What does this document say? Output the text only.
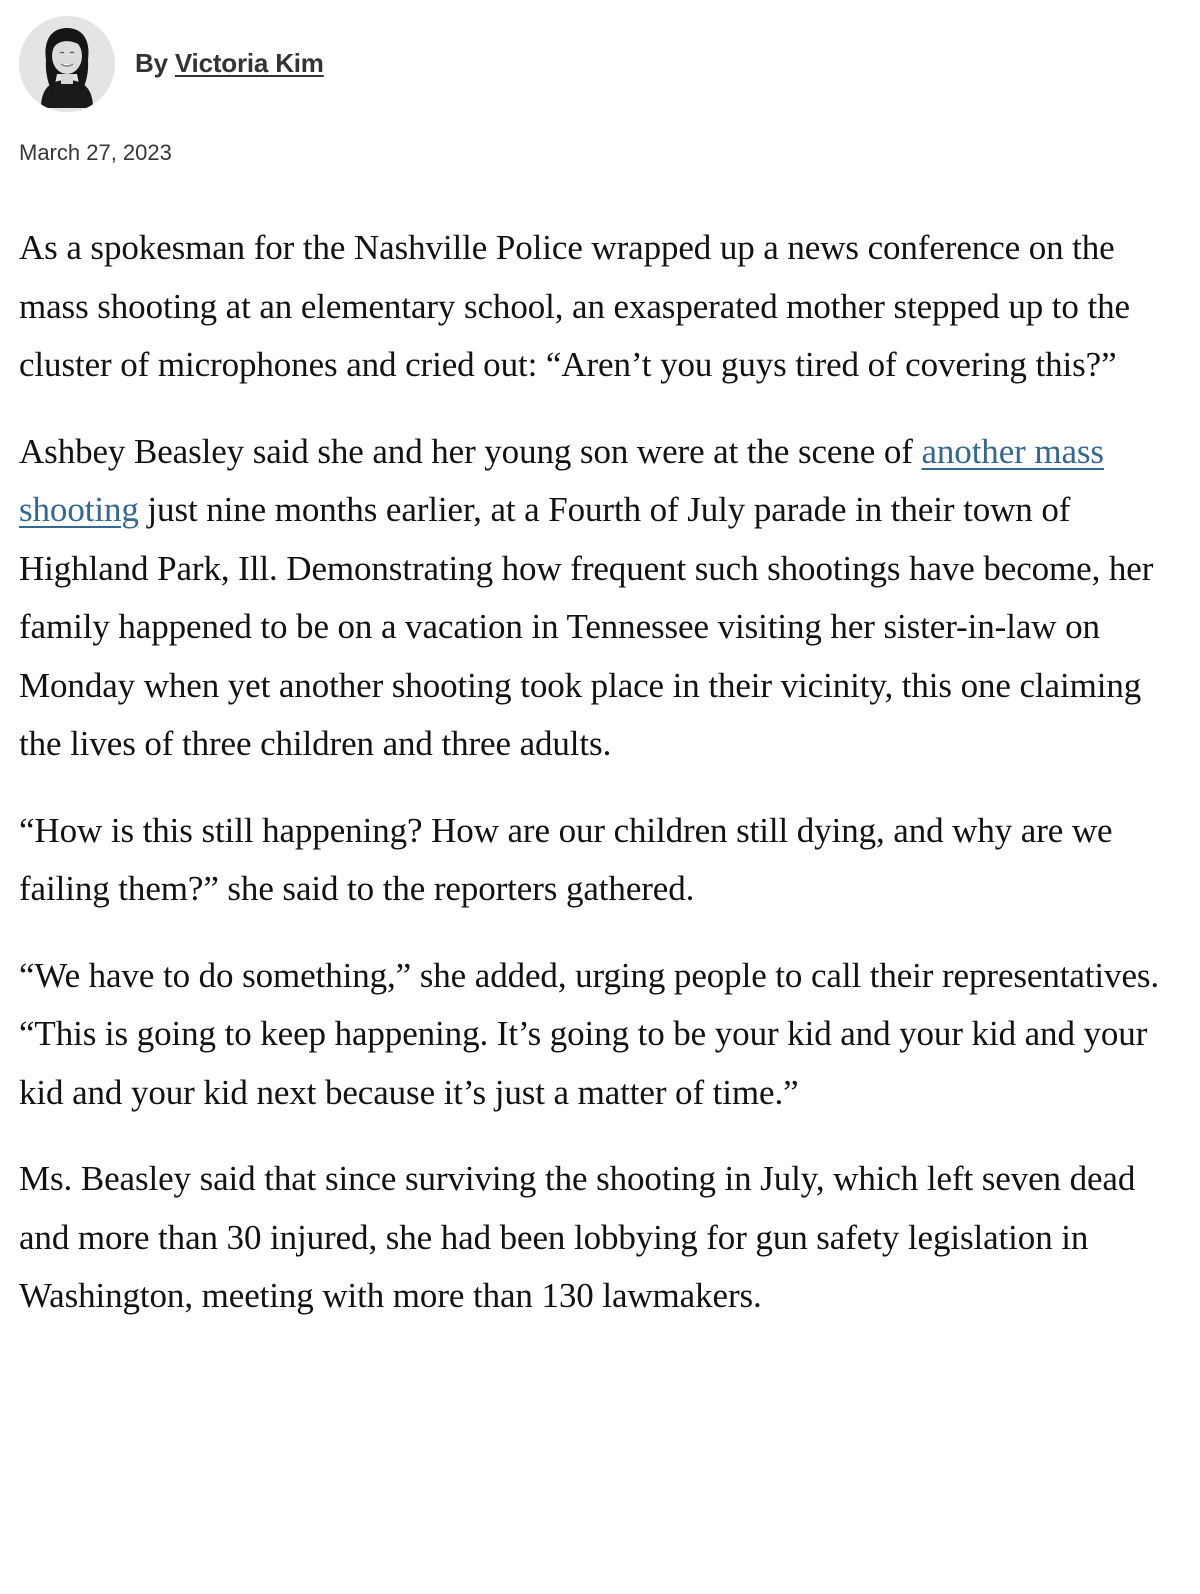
By Victoria Kim
March 27, 2023

As a spokesman for the Nashville Police wrapped up a news conference on the mass shooting at an elementary school, an exasperated mother stepped up to the cluster of microphones and cried out: “Aren’t you guys tired of covering this?”

Ashbey Beasley said she and her young son were at the scene of another mass shooting just nine months earlier, at a Fourth of July parade in their town of Highland Park, Ill. Demonstrating how frequent such shootings have become, her family happened to be on a vacation in Tennessee visiting her sister-in-law on Monday when yet another shooting took place in their vicinity, this one claiming the lives of three children and three adults.

“How is this still happening? How are our children still dying, and why are we failing them?” she said to the reporters gathered.

“We have to do something,” she added, urging people to call their representatives. “This is going to keep happening. It’s going to be your kid and your kid and your kid and your kid next because it’s just a matter of time.”

Ms. Beasley said that since surviving the shooting in July, which left seven dead and more than 30 injured, she had been lobbying for gun safety legislation in Washington, meeting with more than 130 lawmakers.
